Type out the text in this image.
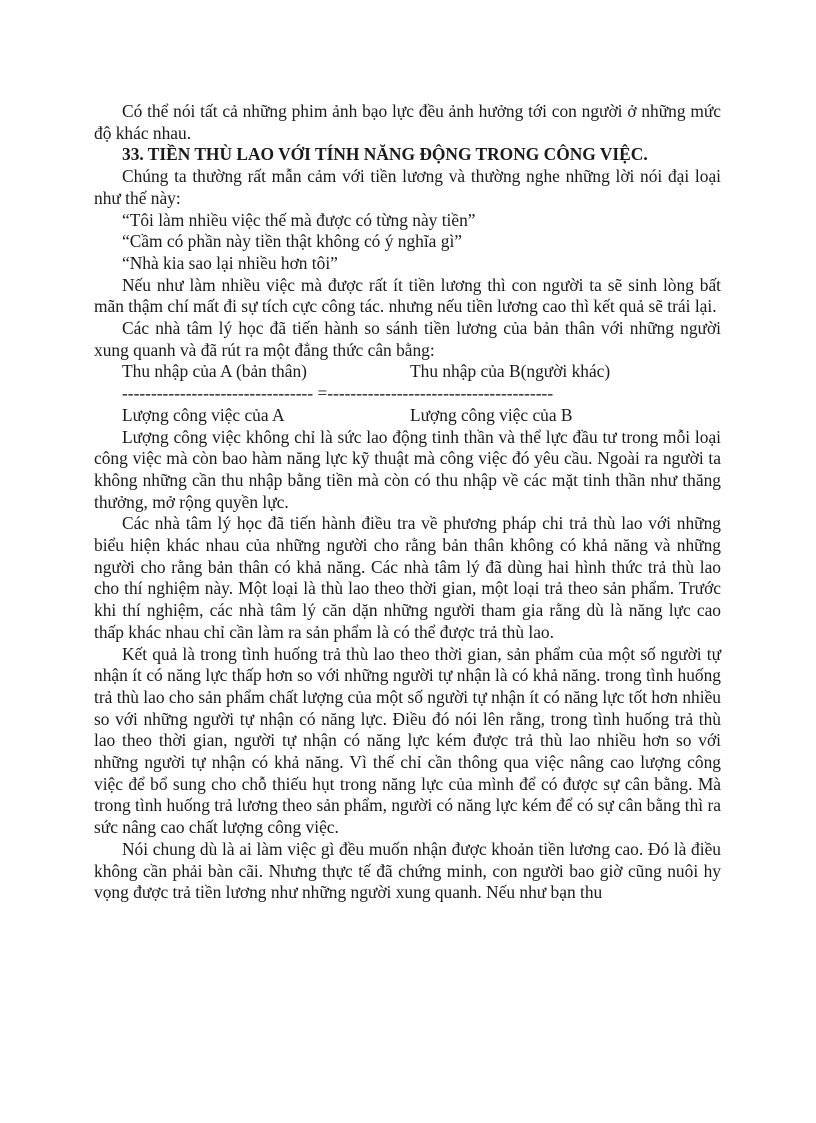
Có thể nói tất cả những phim ảnh bạo lực đều ảnh hưởng tới con người ở những mức độ khác nhau.

33. TIỀN THÙ LAO VỚI TÍNH NĂNG ĐỘNG TRONG CÔNG VIỆC.

Chúng ta thường rất mẫn cảm với tiền lương và thường nghe những lời nói đại loại như thế này:

“Tôi làm nhiều việc thế mà được có từng này tiền”

“Cầm có phần này tiền thật không có ý nghĩa gì”

“Nhà kia sao lại nhiều hơn tôi”

Nếu như làm nhiều việc mà được rất ít tiền lương thì con người ta sẽ sinh lòng bất mãn thậm chí mất đi sự tích cực công tác. nhưng nếu tiền lương cao thì kết quả sẽ trái lại.

Các nhà tâm lý học đã tiến hành so sánh tiền lương của bản thân với những người xung quanh và đã rút ra một đẳng thức cân bằng:

Thu nhập của A (bản thân)	Thu nhập của B(người khác)
--------------------------------- =---------------------------------------
Lượng công việc của A	Lượng công việc của B

Lượng công việc không chỉ là sức lao động tinh thần và thể lực đầu tư trong mỗi loại công việc mà còn bao hàm năng lực kỹ thuật mà công việc đó yêu cầu. Ngoài ra người ta không những cần thu nhập bằng tiền mà còn có thu nhập về các mặt tinh thần như thăng thưởng, mở rộng quyền lực.

Các nhà tâm lý học đã tiến hành điều tra về phương pháp chi trả thù lao với những biểu hiện khác nhau của những người cho rằng bản thân không có khả năng và những người cho rằng bản thân có khả năng. Các nhà tâm lý đã dùng hai hình thức trả thù lao cho thí nghiệm này. Một loại là thù lao theo thời gian, một loại trả theo sản phẩm. Trước khi thí nghiệm, các nhà tâm lý căn dặn những người tham gia rằng dù là năng lực cao thấp khác nhau chỉ cần làm ra sản phẩm là có thể được trả thù lao.

Kết quả là trong tình huống trả thù lao theo thời gian, sản phẩm của một số người tự nhận ít có năng lực thấp hơn so với những người tự nhận là có khả năng. trong tình huống trả thù lao cho sản phẩm chất lượng của một số người tự nhận ít có năng lực tốt hơn nhiều so với những người tự nhận có năng lực. Điều đó nói lên rằng, trong tình huống trả thù lao theo thời gian, người tự nhận có năng lực kém được trả thù lao nhiều hơn so với những người tự nhận có khả năng. Vì thế chỉ cần thông qua việc nâng cao lượng công việc để bổ sung cho chỗ thiếu hụt trong năng lực của mình để có được sự cân bằng. Mà trong tình huống trả lương theo sản phẩm, người có năng lực kém để có sự cân bằng thì ra sức nâng cao chất lượng công việc.

Nói chung dù là ai làm việc gì đều muốn nhận được khoản tiền lương cao. Đó là điều không cần phải bàn cãi. Nhưng thực tế đã chứng minh, con người bao giờ cũng nuôi hy vọng được trả tiền lương như những người xung quanh. Nếu như bạn thu
